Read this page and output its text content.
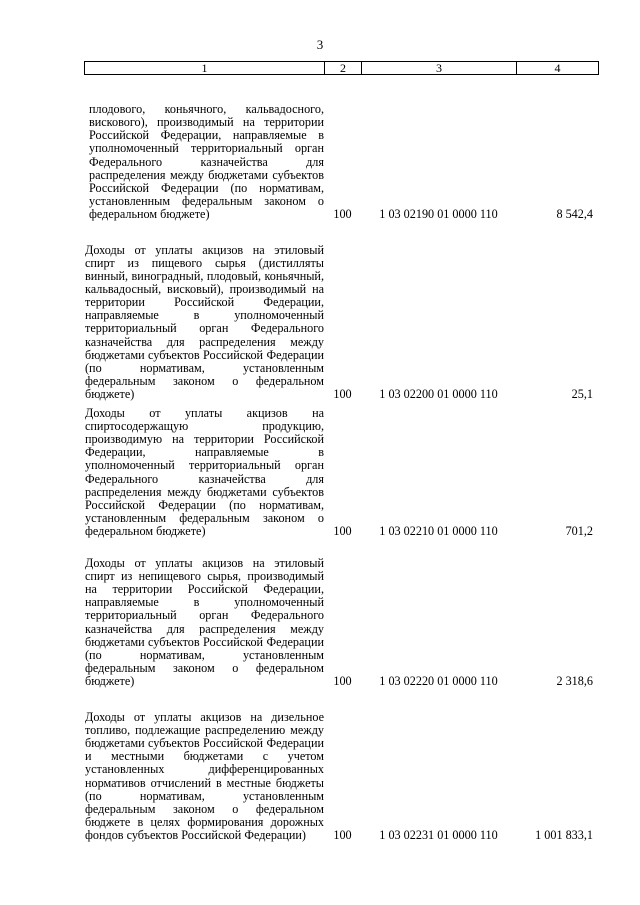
3
1	2	3	4
плодового, коньячного, кальвадосного, вискового), производимый на территории Российской Федерации, направляемые в уполномоченный территориальный орган Федерального казначейства для распределения между бюджетами субъектов Российской Федерации (по нормативам, установленным федеральным законом о федеральном бюджете)	100	1 03 02190 01 0000 110	8 542,4
Доходы от уплаты акцизов на этиловый спирт из пищевого сырья (дистилляты винный, виноградный, плодовый, коньячный, кальвадосный, висковый), производимый на территории Российской Федерации, направляемые в уполномоченный территориальный орган Федерального казначейства для распределения между бюджетами субъектов Российской Федерации (по нормативам, установленным федеральным законом о федеральном бюджете)	100	1 03 02200 01 0000 110	25,1
Доходы от уплаты акцизов на спиртосодержащую продукцию, производимую на территории Российской Федерации, направляемые в уполномоченный территориальный орган Федерального казначейства для распределения между бюджетами субъектов Российской Федерации (по нормативам, установленным федеральным законом о федеральном бюджете)	100	1 03 02210 01 0000 110	701,2
Доходы от уплаты акцизов на этиловый спирт из непищевого сырья, производимый на территории Российской Федерации, направляемые в уполномоченный территориальный орган Федерального казначейства для распределения между бюджетами субъектов Российской Федерации (по нормативам, установленным федеральным законом о федеральном бюджете)	100	1 03 02220 01 0000 110	2 318,6
Доходы от уплаты акцизов на дизельное топливо, подлежащие распределению между бюджетами субъектов Российской Федерации и местными бюджетами с учетом установленных дифференцированных нормативов отчислений в местные бюджеты (по нормативам, установленным федеральным законом о федеральном бюджете в целях формирования дорожных фондов субъектов Российской Федерации)	100	1 03 02231 01 0000 110	1 001 833,1
